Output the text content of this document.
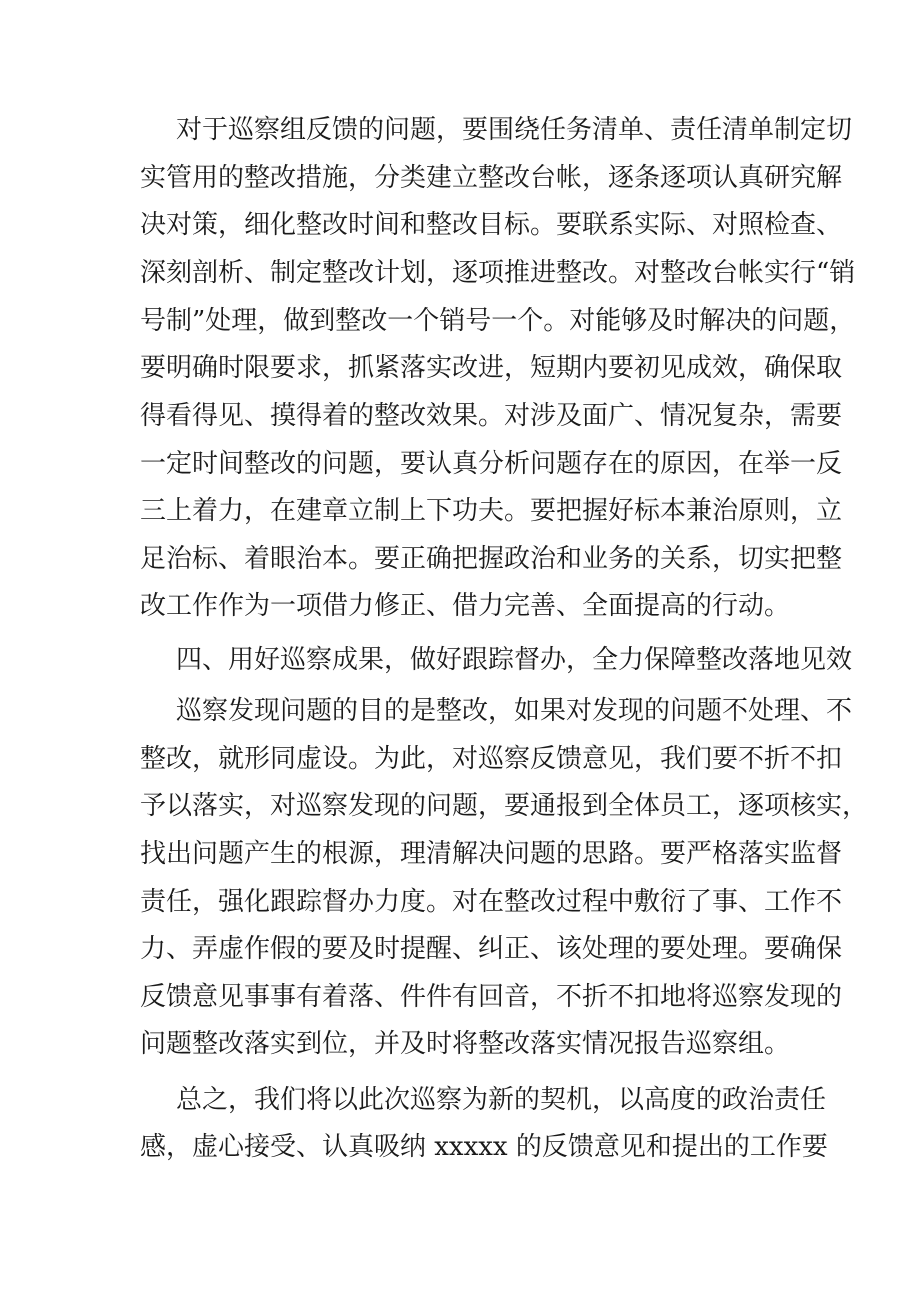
对于巡察组反馈的问题，要围绕任务清单、责任清单制定切
实管用的整改措施，分类建立整改台帐，逐条逐项认真研究解
决对策，细化整改时间和整改目标。要联系实际、对照检查、
深刻剖析、制定整改计划，逐项推进整改。对整改台帐实行“销
号制”处理，做到整改一个销号一个。对能够及时解决的问题，
要明确时限要求，抓紧落实改进，短期内要初见成效，确保取
得看得见、摸得着的整改效果。对涉及面广、情况复杂，需要
一定时间整改的问题，要认真分析问题存在的原因，在举一反
三上着力，在建章立制上下功夫。要把握好标本兼治原则，立
足治标、着眼治本。要正确把握政治和业务的关系，切实把整
改工作作为一项借力修正、借力完善、全面提高的行动。
四、用好巡察成果，做好跟踪督办，全力保障整改落地见效
巡察发现问题的目的是整改，如果对发现的问题不处理、不
整改，就形同虚设。为此，对巡察反馈意见，我们要不折不扣
予以落实，对巡察发现的问题，要通报到全体员工，逐项核实，
找出问题产生的根源，理清解决问题的思路。要严格落实监督
责任，强化跟踪督办力度。对在整改过程中敷衍了事、工作不
力、弄虚作假的要及时提醒、纠正、该处理的要处理。要确保
反馈意见事事有着落、件件有回音，不折不扣地将巡察发现的
问题整改落实到位，并及时将整改落实情况报告巡察组。
总之，我们将以此次巡察为新的契机，以高度的政治责任
感，虚心接受、认真吸纳 xxxxx 的反馈意见和提出的工作要
